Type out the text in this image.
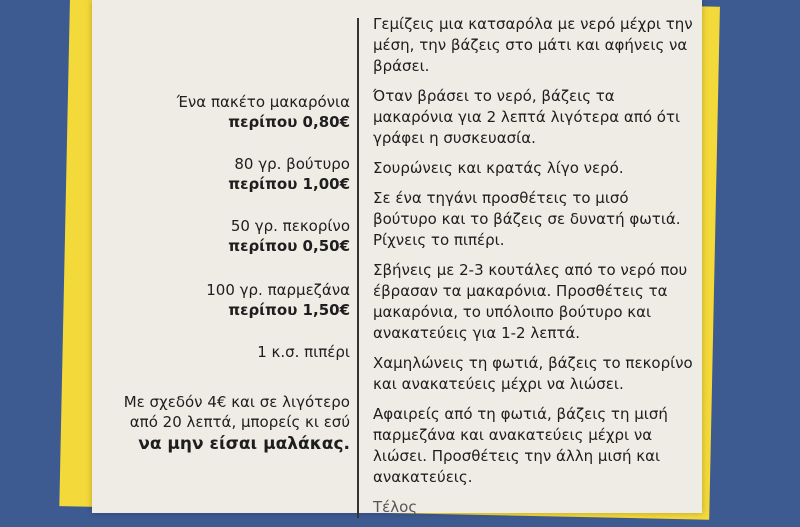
Ένα πακέτο μακαρόνια
περίπου 0,80€
80 γρ. βούτυρο
περίπου 1,00€
50 γρ. πεκορίνο
περίπου 0,50€
100 γρ. παρμεζάνα
περίπου 1,50€
1 κ.σ. πιπέρι
Με σχεδόν 4€ και σε λιγότερο
από 20 λεπτά, μπορείς κι εσύ
να μην είσαι μαλάκας.

Γεμίζεις μια κατσαρόλα με νερό μέχρι την μέση, την βάζεις στο μάτι και αφήνεις να βράσει.

Όταν βράσει το νερό, βάζεις τα μακαρόνια για 2 λεπτά λιγότερα από ότι γράφει η συσκευασία.

Σουρώνεις και κρατάς λίγο νερό.

Σε ένα τηγάνι προσθέτεις το μισό βούτυρο και το βάζεις σε δυνατή φωτιά. Ρίχνεις το πιπέρι.

Σβήνεις με 2-3 κουτάλες από το νερό που έβρασαν τα μακαρόνια. Προσθέτεις τα μακαρόνια, το υπόλοιπο βούτυρο και ανακατεύεις για 1-2 λεπτά.

Χαμηλώνεις τη φωτιά, βάζεις το πεκορίνο και ανακατεύεις μέχρι να λιώσει.

Αφαιρείς από τη φωτιά, βάζεις τη μισή παρμεζάνα και ανακατεύεις μέχρι να λιώσει. Προσθέτεις την άλλη μισή και ανακατεύεις.

Τέλος
